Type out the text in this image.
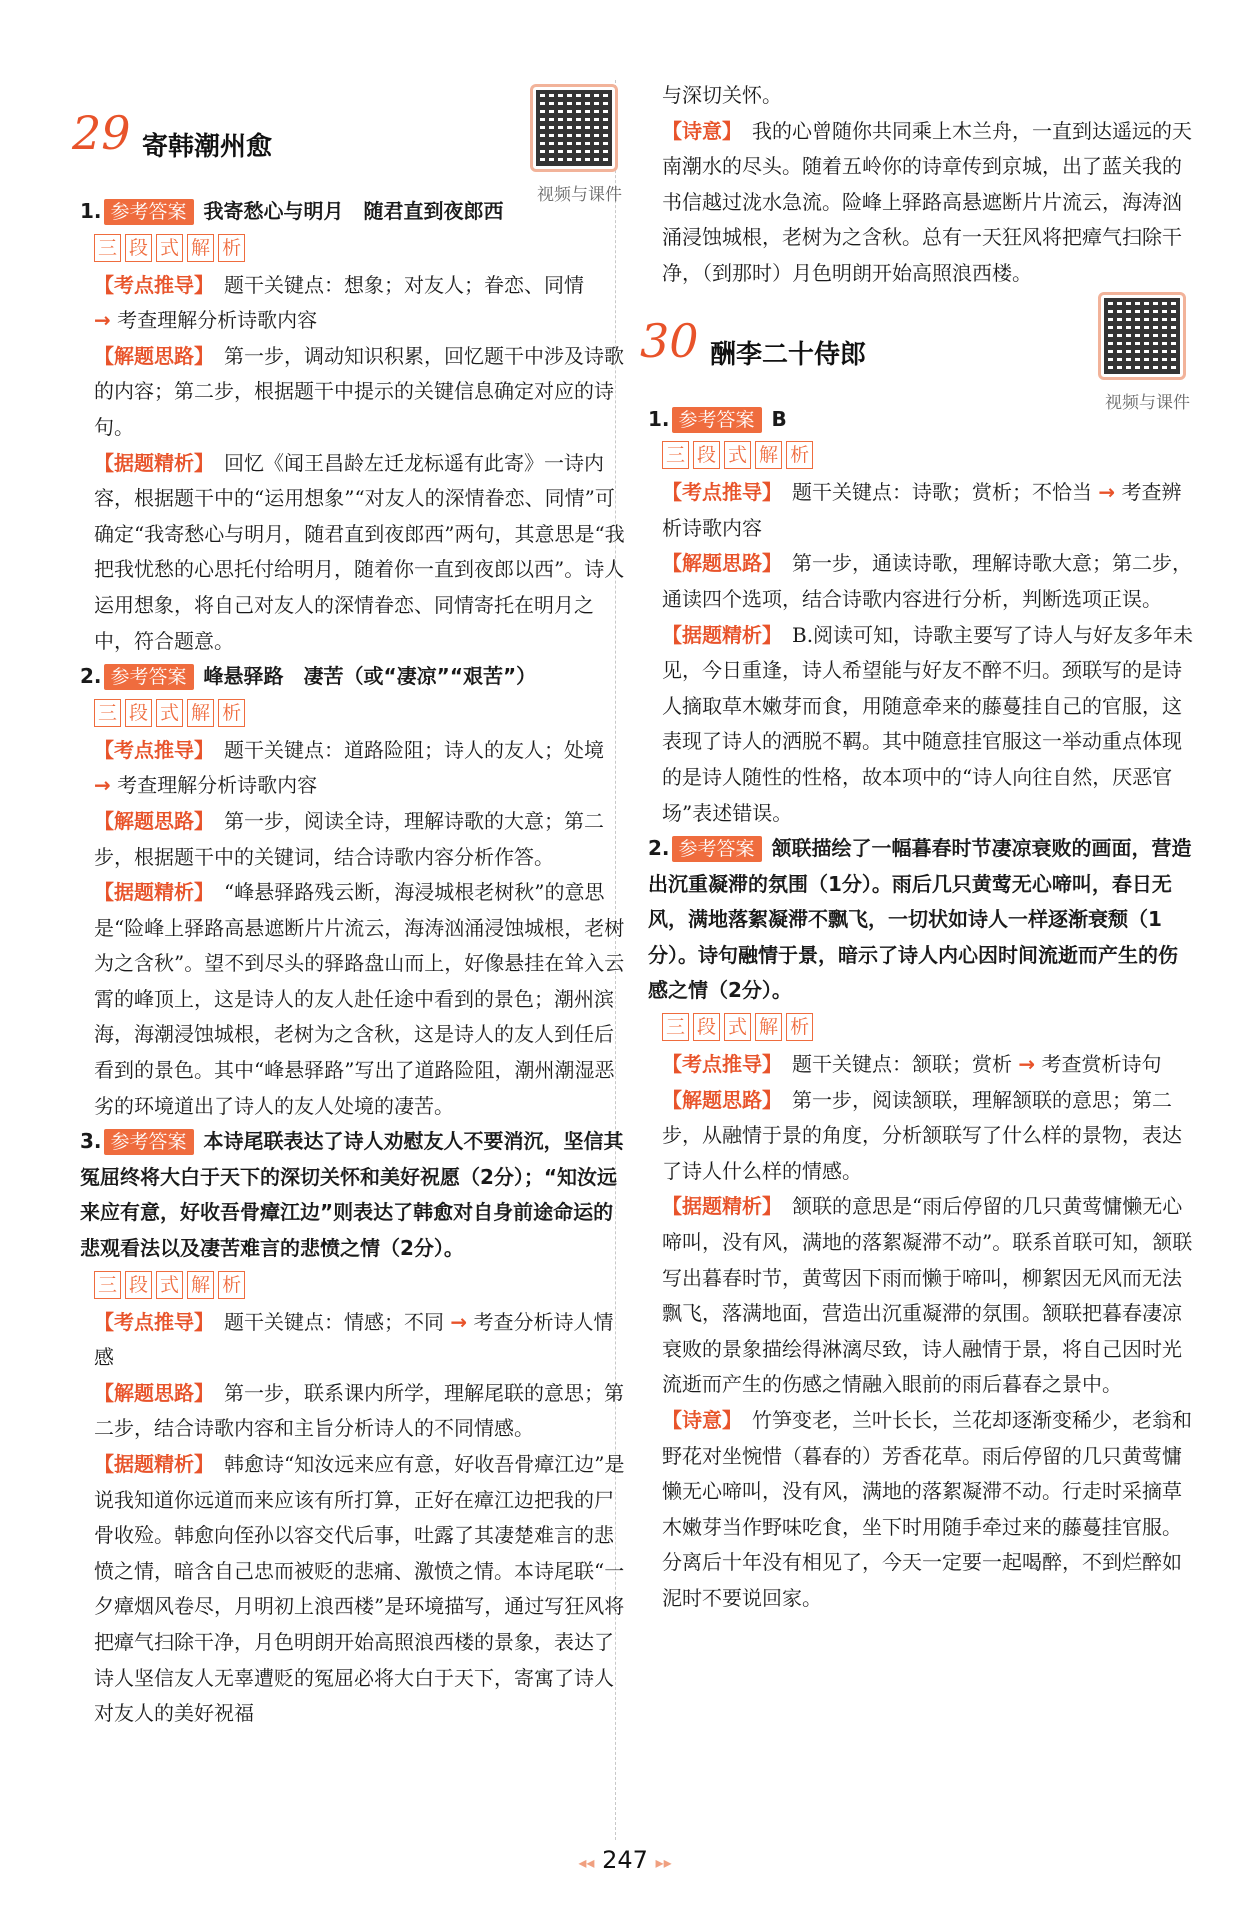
29 寄韩潮州愈
视频与课件
1. 参考答案 我寄愁心与明月　随君直到夜郎西
三 段 式 解 析

【考点推导】 题干关键点：想象；对友人；眷恋、同情
→ 考查理解分析诗歌内容

【解题思路】 第一步，调动知识积累，回忆题干中涉及诗歌的内容；第二步，根据题干中提示的关键信息确定对应的诗句。

【据题精析】 回忆《闻王昌龄左迁龙标遥有此寄》一诗内容，根据题干中的“运用想象”“对友人的深情眷恋、同情”可确定“我寄愁心与明月，随君直到夜郎西”两句，其意思是“我把我忧愁的心思托付给明月，随着你一直到夜郎以西”。诗人运用想象，将自己对友人的深情眷恋、同情寄托在明月之中，符合题意。

2. 参考答案 峰悬驿路　凄苦（或“凄凉”“艰苦”）
三 段 式 解 析

【考点推导】 题干关键点：道路险阻；诗人的友人；处境
→ 考查理解分析诗歌内容

【解题思路】 第一步，阅读全诗，理解诗歌的大意；第二步，根据题干中的关键词，结合诗歌内容分析作答。

【据题精析】 “峰悬驿路残云断，海浸城根老树秋”的意思是“险峰上驿路高悬遮断片片流云，海涛汹涌浸蚀城根，老树为之含秋”。望不到尽头的驿路盘山而上，好像悬挂在耸入云霄的峰顶上，这是诗人的友人赴任途中看到的景色；潮州滨海，海潮浸蚀城根，老树为之含秋，这是诗人的友人到任后看到的景色。其中“峰悬驿路”写出了道路险阻，潮州潮湿恶劣的环境道出了诗人的友人处境的凄苦。

3. 参考答案 本诗尾联表达了诗人劝慰友人不要消沉，坚信其冤屈终将大白于天下的深切关怀和美好祝愿（2分）；“知汝远来应有意，好收吾骨瘴江边”则表达了韩愈对自身前途命运的悲观看法以及凄苦难言的悲愤之情（2分）。
三 段 式 解 析

【考点推导】 题干关键点：情感；不同 → 考查分析诗人情感

【解题思路】 第一步，联系课内所学，理解尾联的意思；第二步，结合诗歌内容和主旨分析诗人的不同情感。

【据题精析】 韩愈诗“知汝远来应有意，好收吾骨瘴江边”是说我知道你远道而来应该有所打算，正好在瘴江边把我的尸骨收殓。韩愈向侄孙以容交代后事，吐露了其凄楚难言的悲愤之情，暗含自己忠而被贬的悲痛、激愤之情。本诗尾联“一夕瘴烟风卷尽，月明初上浪西楼”是环境描写，通过写狂风将把瘴气扫除干净，月色明朗开始高照浪西楼的景象，表达了诗人坚信友人无辜遭贬的冤屈必将大白于天下，寄寓了诗人对友人的美好祝福

与深切关怀。

【诗意】 我的心曾随你共同乘上木兰舟，一直到达遥远的天南潮水的尽头。随着五岭你的诗章传到京城，出了蓝关我的书信越过泷水急流。险峰上驿路高悬遮断片片流云，海涛汹涌浸蚀城根，老树为之含秋。总有一天狂风将把瘴气扫除干净，（到那时）月色明朗开始高照浪西楼。

30 酬李二十侍郎
视频与课件
1. 参考答案 B
三 段 式 解 析

【考点推导】 题干关键点：诗歌；赏析；不恰当 → 考查辨析诗歌内容

【解题思路】 第一步，通读诗歌，理解诗歌大意；第二步，通读四个选项，结合诗歌内容进行分析，判断选项正误。

【据题精析】 B.阅读可知，诗歌主要写了诗人与好友多年未见，今日重逢，诗人希望能与好友不醉不归。颈联写的是诗人摘取草木嫩芽而食，用随意牵来的藤蔓挂自己的官服，这表现了诗人的洒脱不羁。其中随意挂官服这一举动重点体现的是诗人随性的性格，故本项中的“诗人向往自然，厌恶官场”表述错误。

2. 参考答案 颔联描绘了一幅暮春时节凄凉衰败的画面，营造出沉重凝滞的氛围（1分）。雨后几只黄莺无心啼叫，春日无风，满地落絮凝滞不飘飞，一切状如诗人一样逐渐衰颓（1分）。诗句融情于景，暗示了诗人内心因时间流逝而产生的伤感之情（2分）。
三 段 式 解 析

【考点推导】 题干关键点：颔联；赏析 → 考查赏析诗句

【解题思路】 第一步，阅读颔联，理解颔联的意思；第二步，从融情于景的角度，分析颔联写了什么样的景物，表达了诗人什么样的情感。

【据题精析】 颔联的意思是“雨后停留的几只黄莺慵懒无心啼叫，没有风，满地的落絮凝滞不动”。联系首联可知，颔联写出暮春时节，黄莺因下雨而懒于啼叫，柳絮因无风而无法飘飞，落满地面，营造出沉重凝滞的氛围。颔联把暮春凄凉衰败的景象描绘得淋漓尽致，诗人融情于景，将自己因时光流逝而产生的伤感之情融入眼前的雨后暮春之景中。

【诗意】 竹笋变老，兰叶长长，兰花却逐渐变稀少，老翁和野花对坐惋惜（暮春的）芳香花草。雨后停留的几只黄莺慵懒无心啼叫，没有风，满地的落絮凝滞不动。行走时采摘草木嫩芽当作野味吃食，坐下时用随手牵过来的藤蔓挂官服。分离后十年没有相见了，今天一定要一起喝醉，不到烂醉如泥时不要说回家。

◂◂ 247 ▸▸
